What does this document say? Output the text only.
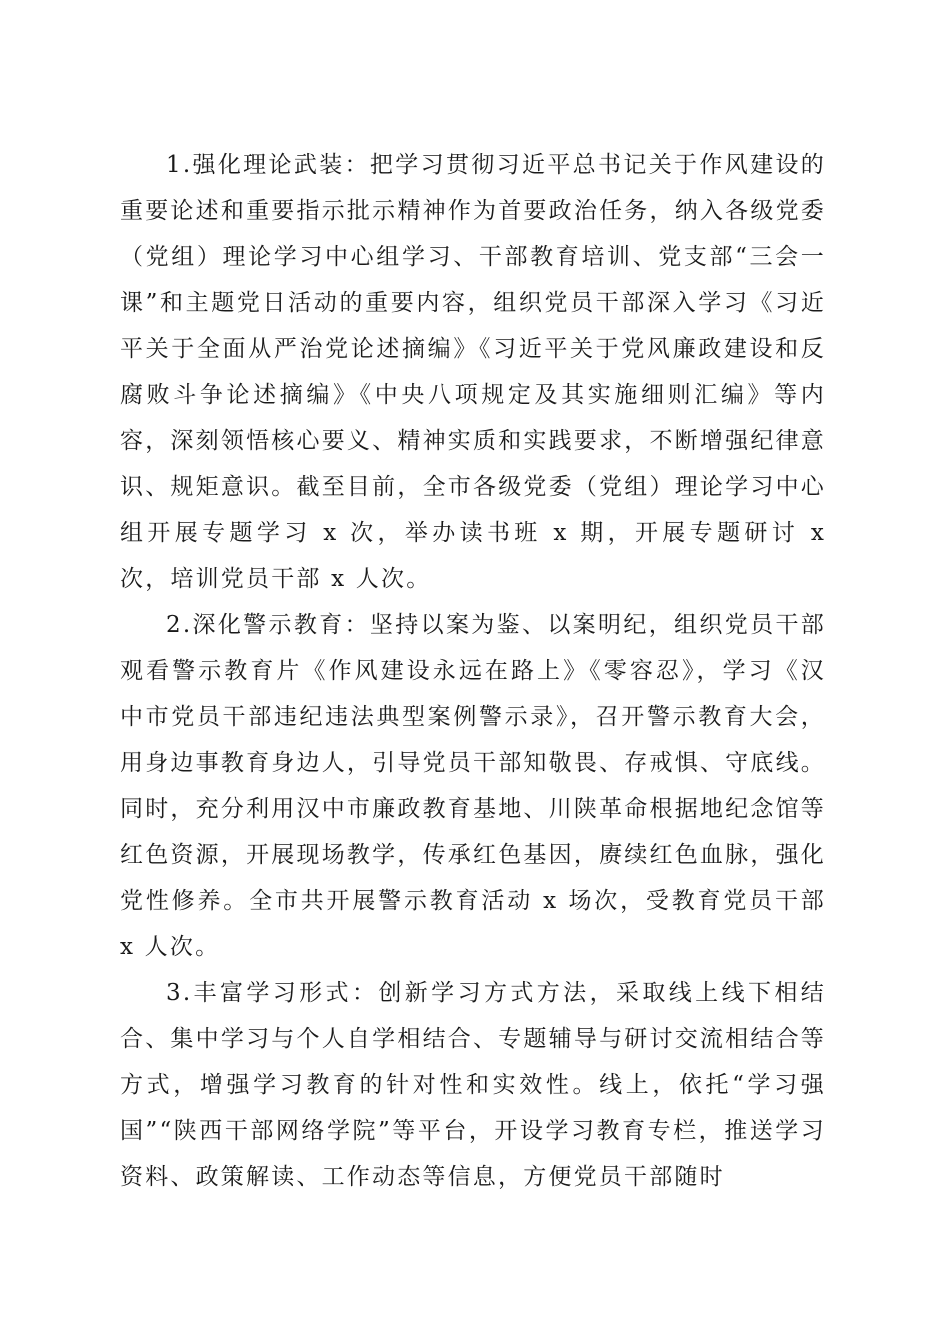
1.强化理论武装：把学习贯彻习近平总书记关于作风建设的重要论述和重要指示批示精神作为首要政治任务，纳入各级党委（党组）理论学习中心组学习、干部教育培训、党支部“三会一课”和主题党日活动的重要内容，组织党员干部深入学习《习近平关于全面从严治党论述摘编》《习近平关于党风廉政建设和反腐败斗争论述摘编》《中央八项规定及其实施细则汇编》等内容，深刻领悟核心要义、精神实质和实践要求，不断增强纪律意识、规矩意识。截至目前，全市各级党委（党组）理论学习中心组开展专题学习 x 次，举办读书班 x 期，开展专题研讨 x 次，培训党员干部 x 人次。

2.深化警示教育：坚持以案为鉴、以案明纪，组织党员干部观看警示教育片《作风建设永远在路上》《零容忍》，学习《汉中市党员干部违纪违法典型案例警示录》，召开警示教育大会，用身边事教育身边人，引导党员干部知敬畏、存戒惧、守底线。同时，充分利用汉中市廉政教育基地、川陕革命根据地纪念馆等红色资源，开展现场教学，传承红色基因，赓续红色血脉，强化党性修养。全市共开展警示教育活动 x 场次，受教育党员干部 x 人次。

3.丰富学习形式：创新学习方式方法，采取线上线下相结合、集中学习与个人自学相结合、专题辅导与研讨交流相结合等方式，增强学习教育的针对性和实效性。线上，依托“学习强国”“陕西干部网络学院”等平台，开设学习教育专栏，推送学习资料、政策解读、工作动态等信息，方便党员干部随时
